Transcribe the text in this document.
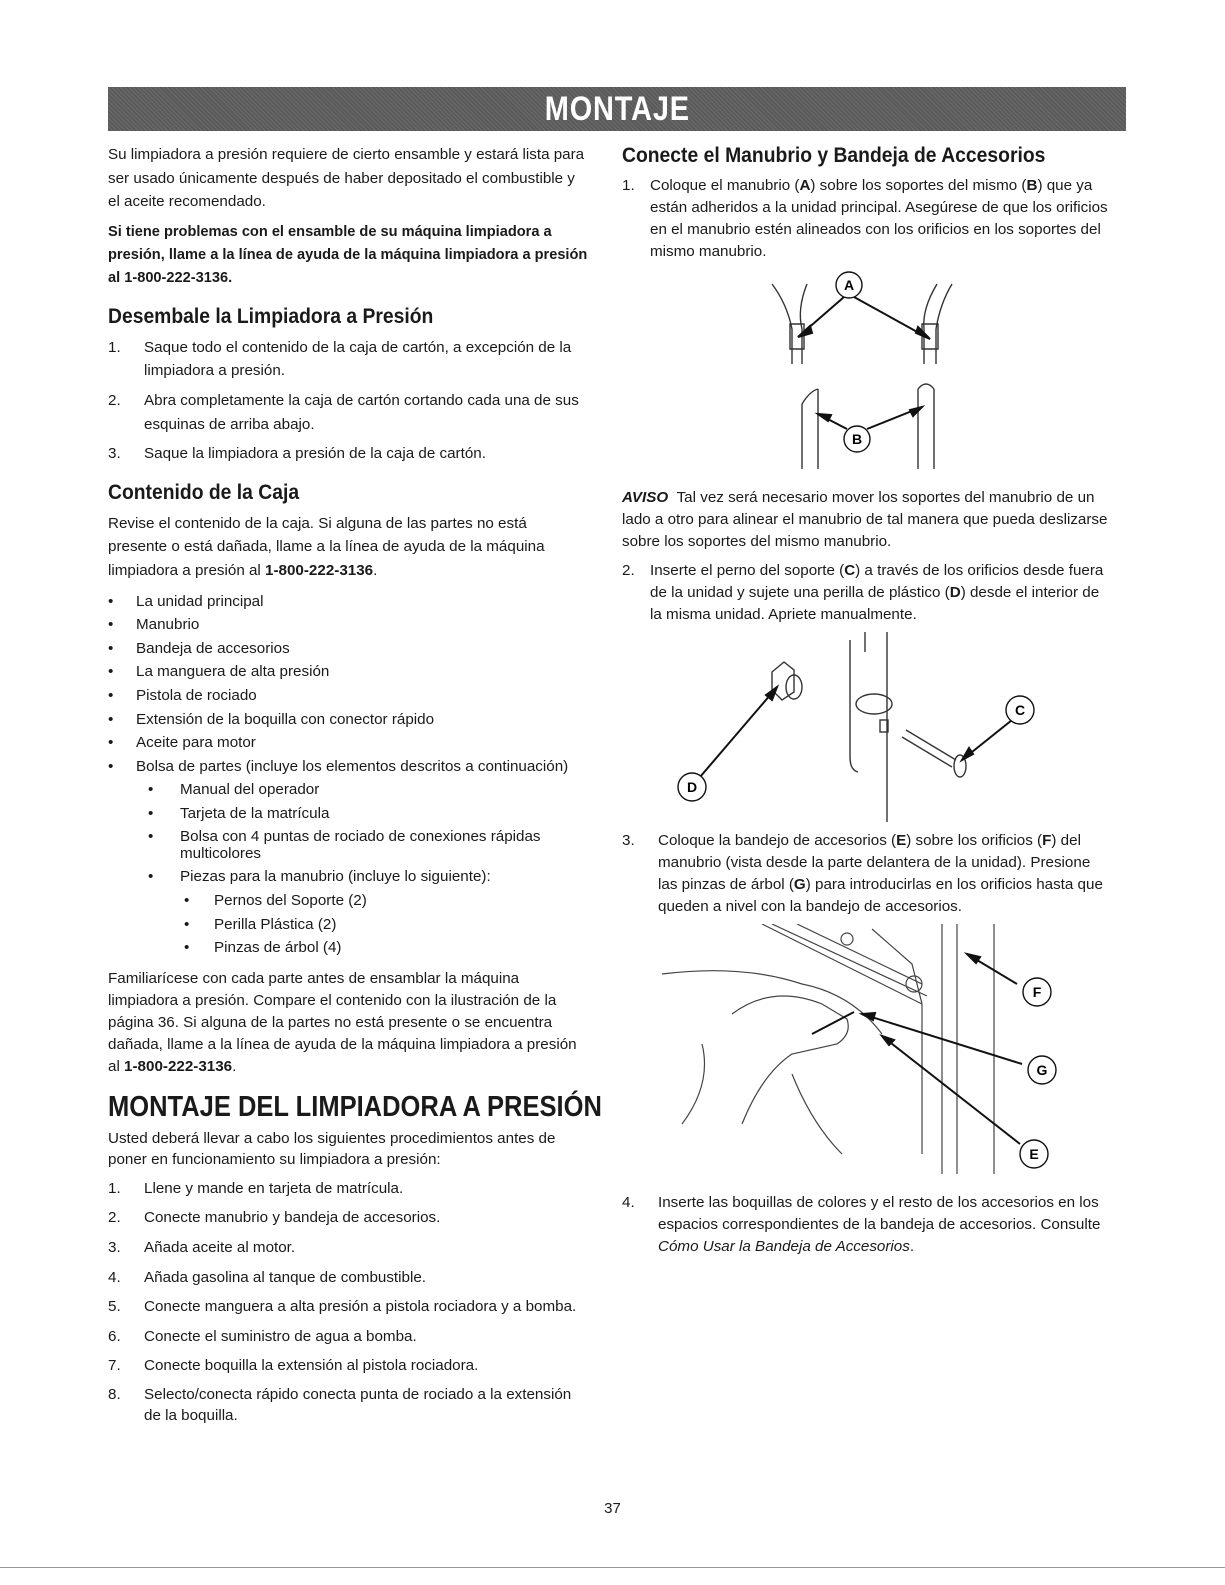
MONTAJE

Su limpiadora a presión requiere de cierto ensamble y estará lista para ser usado únicamente después de haber depositado el combustible y el aceite recomendado.

Si tiene problemas con el ensamble de su máquina limpiadora a presión, llame a la línea de ayuda de la máquina limpiadora a presión al 1-800-222-3136.

Desembale la Limpiadora a Presión
1. Saque todo el contenido de la caja de cartón, a excepción de la limpiadora a presión.
2. Abra completamente la caja de cartón cortando cada una de sus esquinas de arriba abajo.
3. Saque la limpiadora a presión de la caja de cartón.
Contenido de la Caja

Revise el contenido de la caja. Si alguna de las partes no está presente o está dañada, llame a la línea de ayuda de la máquina limpiadora a presión al 1-800-222-3136.

• La unidad principal
• Manubrio
• Bandeja de accesorios
• La manguera de alta presión
• Pistola de rociado
• Extensión de la boquilla con conector rápido
• Aceite para motor
• Bolsa de partes (incluye los elementos descritos a continuación)
• Manual del operador
• Tarjeta de la matrícula
• Bolsa con 4 puntas de rociado de conexiones rápidas multicolores
• Piezas para la manubrio (incluye lo siguiente):
• Pernos del Soporte (2)
• Perilla Plástica (2)
• Pinzas de árbol (4)

Familiarícese con cada parte antes de ensamblar la máquina limpiadora a presión. Compare el contenido con la ilustración de la página 36. Si alguna de la partes no está presente o se encuentra dañada, llame a la línea de ayuda de la máquina limpiadora a presión al 1-800-222-3136.

MONTAJE DEL LIMPIADORA A PRESIÓN

Usted deberá llevar a cabo los siguientes procedimientos antes de poner en funcionamiento su limpiadora a presión:

1. Llene y mande en tarjeta de matrícula.
2. Conecte manubrio y bandeja de accesorios.
3. Añada aceite al motor.
4. Añada gasolina al tanque de combustible.
5. Conecte manguera a alta presión a pistola rociadora y a bomba.
6. Conecte el suministro de agua a bomba.
7. Conecte boquilla la extensión al pistola rociadora.
8. Selecto/conecta rápido conecta punta de rociado a la extensión de la boquilla.
Conecte el Manubrio y Bandeja de Accesorios
1. Coloque el manubrio (A) sobre los soportes del mismo (B) que ya están adheridos a la unidad principal. Asegúrese de que los orificios en el manubrio estén alineados con los orificios en los soportes del mismo manubrio.
A
B

AVISO Tal vez será necesario mover los soportes del manubrio de un lado a otro para alinear el manubrio de tal manera que pueda deslizarse sobre los soportes del mismo manubrio.

2. Inserte el perno del soporte (C) a través de los orificios desde fuera de la unidad y sujete una perilla de plástico (D) desde el interior de la misma unidad. Apriete manualmente.
D
C
3. Coloque la bandejo de accesorios (E) sobre los orificios (F) del manubrio (vista desde la parte delantera de la unidad). Presione las pinzas de árbol (G) para introducirlas en los orificios hasta que queden a nivel con la bandejo de accesorios.
F
G
E
4. Inserte las boquillas de colores y el resto de los accesorios en los espacios correspondientes de la bandeja de accesorios. Consulte Cómo Usar la Bandeja de Accesorios.
37
